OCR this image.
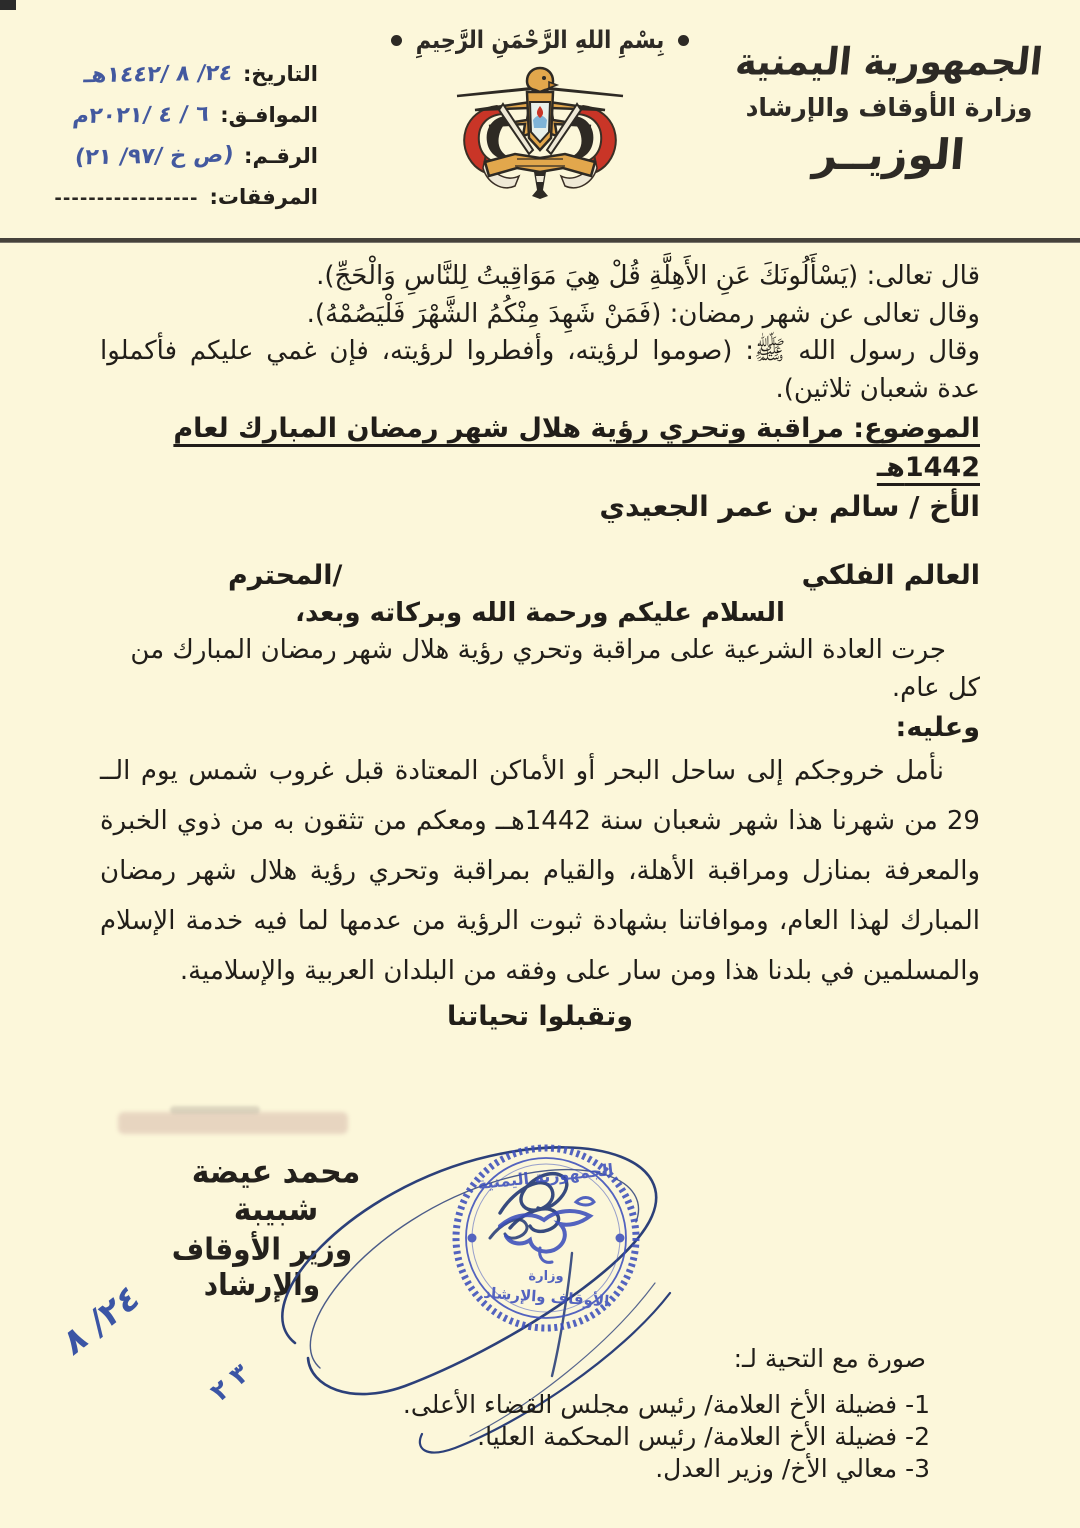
التاريخ: ٢٤/ ٨ /١٤٤٢هـ
الموافـق: ٦ / ٤ /٢٠٢١م
الرقـم: (ص خ /٩٧/ ٢١)
المرفقات: -----------------
بِسْمِ اللهِ الرَّحْمَنِ الرَّحِيمِ
الجمهورية اليمنية
وزارة الأوقاف والإرشاد
الوزيــر

قال تعالى: (يَسْأَلُونَكَ عَنِ الأَهِلَّةِ قُلْ هِيَ مَوَاقِيتُ لِلنَّاسِ وَالْحَجِّ).

وقال تعالى عن شهر رمضان: (فَمَنْ شَهِدَ مِنْكُمُ الشَّهْرَ فَلْيَصُمْهُ).

وقال رسول الله ﷺ: (صوموا لرؤيته، وأفطروا لرؤيته، فإن غمي عليكم فأكملوا عدة شعبان ثلاثين).

الموضوع: مراقبة وتحري رؤية هلال شهر رمضان المبارك لعام 1442هـ

الأخ / سالم بن عمر الجعيدي

العالم الفلكي
/المحترم

السلام عليكم ورحمة الله وبركاته وبعد،

جرت العادة الشرعية على مراقبة وتحري رؤية هلال شهر رمضان المبارك من كل عام.

وعليه:

نأمل خروجكم إلى ساحل البحر أو الأماكن المعتادة قبل غروب شمس يوم الــ 29 من شهرنا هذا شهر شعبان سنة 1442هــ ومعكم من تثقون به من ذوي الخبرة والمعرفة بمنازل ومراقبة الأهلة، والقيام بمراقبة وتحري رؤية هلال شهر رمضان المبارك لهذا العام، وموافاتنا بشهادة ثبوت الرؤية من عدمها لما فيه خدمة الإسلام والمسلمين في بلدنا هذا ومن سار على وفقه من البلدان العربية والإسلامية.

وتقبلوا تحياتنا

محمد عيضة شبيبة
وزير الأوقاف والإرشاد
الجمهورية اليمنية
وزارة
الأوقاف والإرشاد
٢٤/ ٨
٣ ٢	صورة مع التحية لـ:
1- فضيلة الأخ العلامة/ رئيس مجلس القضاء الأعلى.
2- فضيلة الأخ العلامة/ رئيس المحكمة العليا.
3- معالي الأخ/ وزير العدل.
